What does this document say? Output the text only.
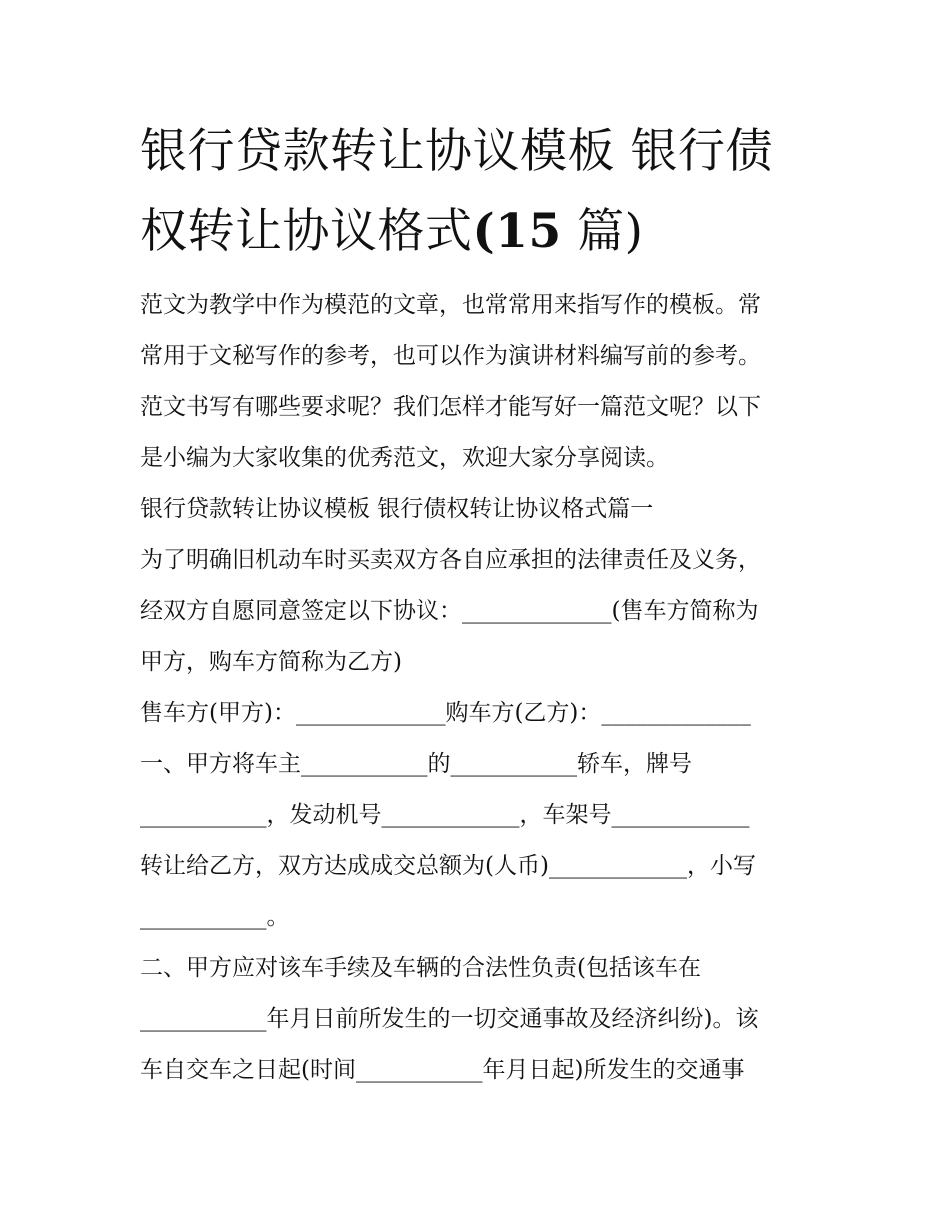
银行贷款转让协议模板 银行债
权转让协议格式(15 篇)

范文为教学中作为模范的文章，也常常用来指写作的模板。常

常用于文秘写作的参考，也可以作为演讲材料编写前的参考。

范文书写有哪些要求呢？我们怎样才能写好一篇范文呢？以下

是小编为大家收集的优秀范文，欢迎大家分享阅读。

银行贷款转让协议模板 银行债权转让协议格式篇一

为了明确旧机动车时买卖双方各自应承担的法律责任及义务，

经双方自愿同意签定以下协议：_____________(售车方简称为

甲方，购车方简称为乙方)

售车方(甲方)：_____________购车方(乙方)：_____________

一、甲方将车主___________的___________轿车，牌号

___________，发动机号____________，车架号____________

转让给乙方，双方达成成交总额为(人币)____________，小写

___________。

二、甲方应对该车手续及车辆的合法性负责(包括该车在

___________年月日前所发生的一切交通事故及经济纠纷)。该

车自交车之日起(时间___________年月日起)所发生的交通事
